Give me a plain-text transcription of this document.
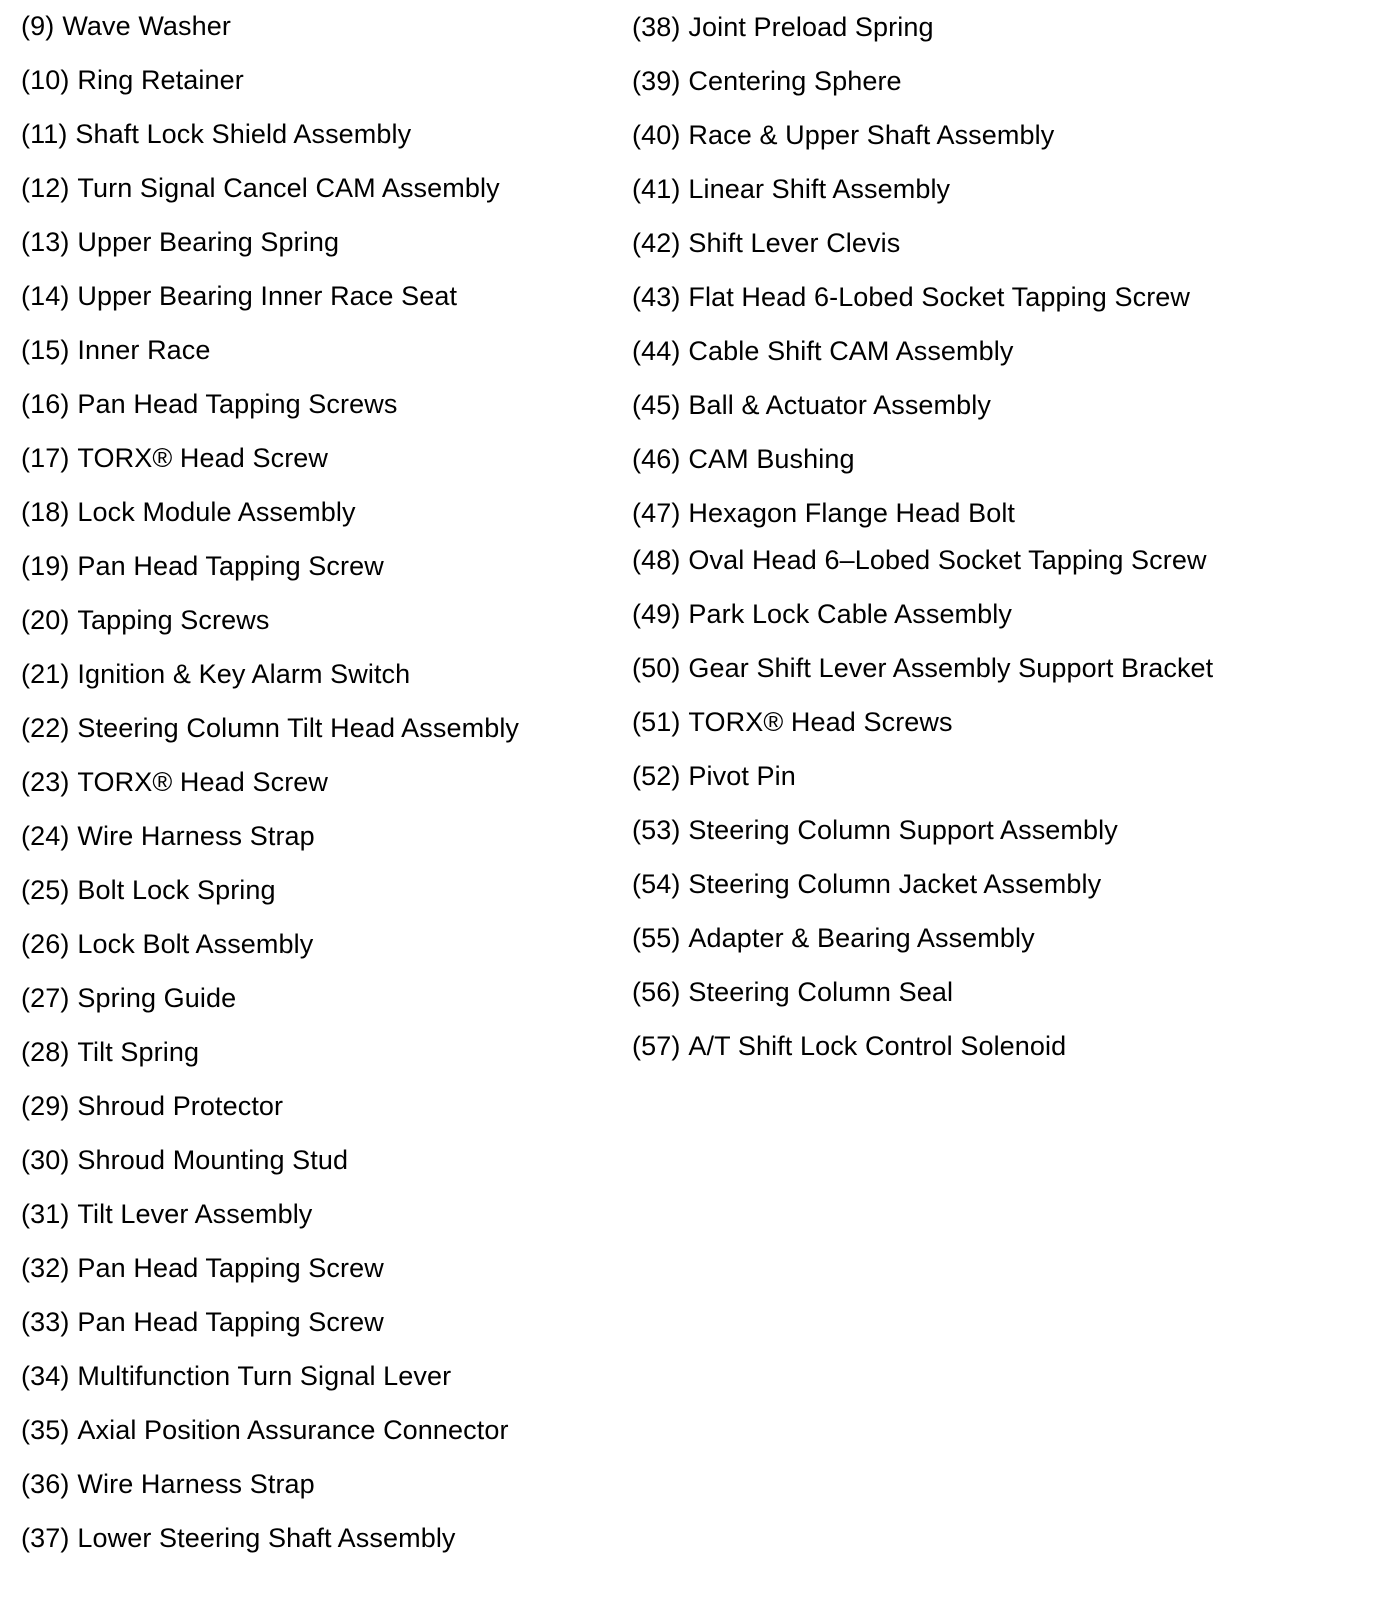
(9) Wave Washer
(10) Ring Retainer
(11) Shaft Lock Shield Assembly
(12) Turn Signal Cancel CAM Assembly
(13) Upper Bearing Spring
(14) Upper Bearing Inner Race Seat
(15) Inner Race
(16) Pan Head Tapping Screws
(17) TORX® Head Screw
(18) Lock Module Assembly
(19) Pan Head Tapping Screw
(20) Tapping Screws
(21) Ignition & Key Alarm Switch
(22) Steering Column Tilt Head Assembly
(23) TORX® Head Screw
(24) Wire Harness Strap
(25) Bolt Lock Spring
(26) Lock Bolt Assembly
(27) Spring Guide
(28) Tilt Spring
(29) Shroud Protector
(30) Shroud Mounting Stud
(31) Tilt Lever Assembly
(32) Pan Head Tapping Screw
(33) Pan Head Tapping Screw
(34) Multifunction Turn Signal Lever
(35) Axial Position Assurance Connector
(36) Wire Harness Strap
(37) Lower Steering Shaft Assembly
(38) Joint Preload Spring
(39) Centering Sphere
(40) Race & Upper Shaft Assembly
(41) Linear Shift Assembly
(42) Shift Lever Clevis
(43) Flat Head 6-Lobed Socket Tapping Screw
(44) Cable Shift CAM Assembly
(45) Ball & Actuator Assembly
(46) CAM Bushing
(47) Hexagon Flange Head Bolt
(48) Oval Head 6–Lobed Socket Tapping Screw
(49) Park Lock Cable Assembly
(50) Gear Shift Lever Assembly Support Bracket
(51) TORX® Head Screws
(52) Pivot Pin
(53) Steering Column Support Assembly
(54) Steering Column Jacket Assembly
(55) Adapter & Bearing Assembly
(56) Steering Column Seal
(57) A/T Shift Lock Control Solenoid
